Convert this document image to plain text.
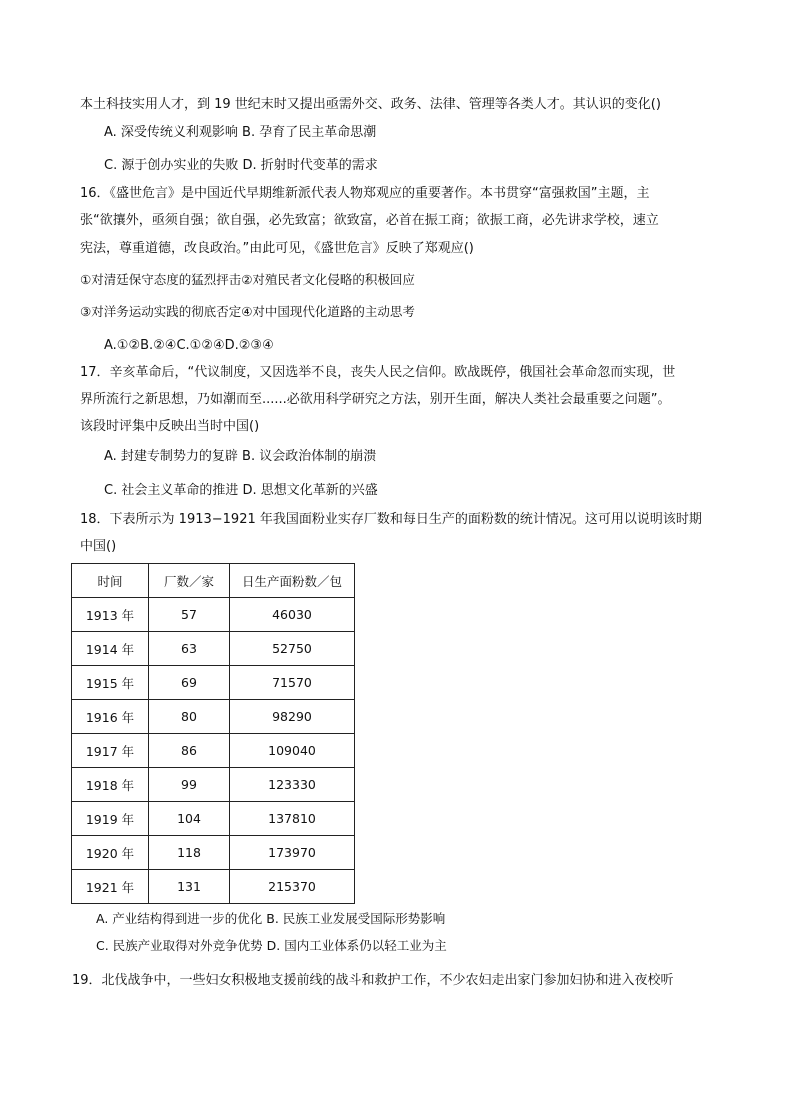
本土科技实用人才，到 19 世纪末时又提出亟需外交、政务、法律、管理等各类人才。其认识的变化()
A. 深受传统义利观影响 B. 孕育了民主革命思潮
C. 源于创办实业的失败 D. 折射时代变革的需求
16．《盛世危言》是中国近代早期维新派代表人物郑观应的重要著作。本书贯穿“富强救国”主题，主
张“欲攘外，亟须自强；欲自强，必先致富；欲致富，必首在振工商；欲振工商，必先讲求学校，速立
宪法，尊重道德，改良政治。”由此可见，《盛世危言》反映了郑观应()
①对清廷保守态度的猛烈抨击②对殖民者文化侵略的积极回应
③对洋务运动实践的彻底否定④对中国现代化道路的主动思考
A.①②B.②④C.①②④D.②③④
17．辛亥革命后，“代议制度，又因选举不良，丧失人民之信仰。欧战既停，俄国社会革命忽而实现，世
界所流行之新思想，乃如潮而至......必欲用科学研究之方法，别开生面，解决人类社会最重要之问题”。
该段时评集中反映出当时中国()
A. 封建专制势力的复辟 B. 议会政治体制的崩溃
C. 社会主义革命的推进 D. 思想文化革新的兴盛
18．下表所示为 1913−1921 年我国面粉业实存厂数和每日生产的面粉数的统计情况。这可用以说明该时期
中国()
时间	厂数／家	日生产面粉数／包
1913 年	57	46030
1914 年	63	52750
1915 年	69	71570
1916 年	80	98290
1917 年	86	109040
1918 年	99	123330
1919 年	104	137810
1920 年	118	173970
1921 年	131	215370
A. 产业结构得到进一步的优化 B. 民族工业发展受国际形势影响
C. 民族产业取得对外竞争优势 D. 国内工业体系仍以轻工业为主
19．北伐战争中，一些妇女积极地支援前线的战斗和救护工作，不少农妇走出家门参加妇协和进入夜校听
